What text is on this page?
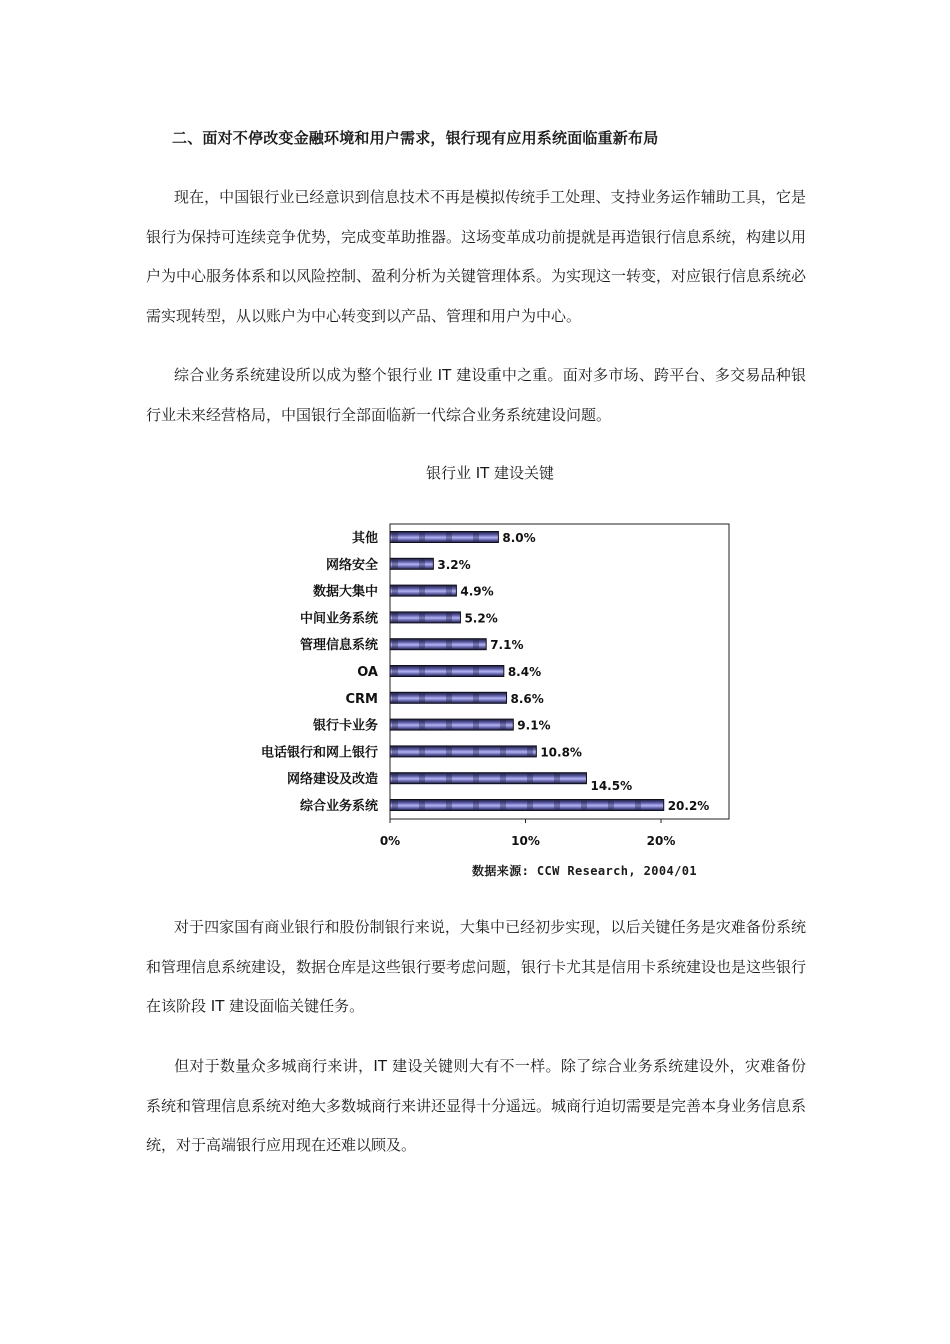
二、面对不停改变金融环境和用户需求，银行现有应用系统面临重新布局

现在，中国银行业已经意识到信息技术不再是模拟传统手工处理、支持业务运作辅助工具，它是银行为保持可连续竞争优势，完成变革助推器。这场变革成功前提就是再造银行信息系统，构建以用户为中心服务体系和以风险控制、盈利分析为关键管理体系。为实现这一转变，对应银行信息系统必需实现转型，从以账户为中心转变到以产品、管理和用户为中心。

综合业务系统建设所以成为整个银行业 IT 建设重中之重。面对多市场、跨平台、多交易品种银行业未来经营格局，中国银行全部面临新一代综合业务系统建设问题。

银行业 IT 建设关键
其他	8.0%
网络安全	3.2%
数据大集中	4.9%
中间业务系统	5.2%
管理信息系统	7.1%
OA	8.4%
CRM	8.6%
银行卡业务	9.1%
电话银行和网上银行	10.8%
网络建设及改造	14.5%
综合业务系统	20.2%
0%	10%	20%
数据来源: CCW Research, 2004/01

对于四家国有商业银行和股份制银行来说，大集中已经初步实现，以后关键任务是灾难备份系统和管理信息系统建设，数据仓库是这些银行要考虑问题，银行卡尤其是信用卡系统建设也是这些银行在该阶段 IT 建设面临关键任务。

但对于数量众多城商行来讲，IT 建设关键则大有不一样。除了综合业务系统建设外，灾难备份系统和管理信息系统对绝大多数城商行来讲还显得十分遥远。城商行迫切需要是完善本身业务信息系统，对于高端银行应用现在还难以顾及。
